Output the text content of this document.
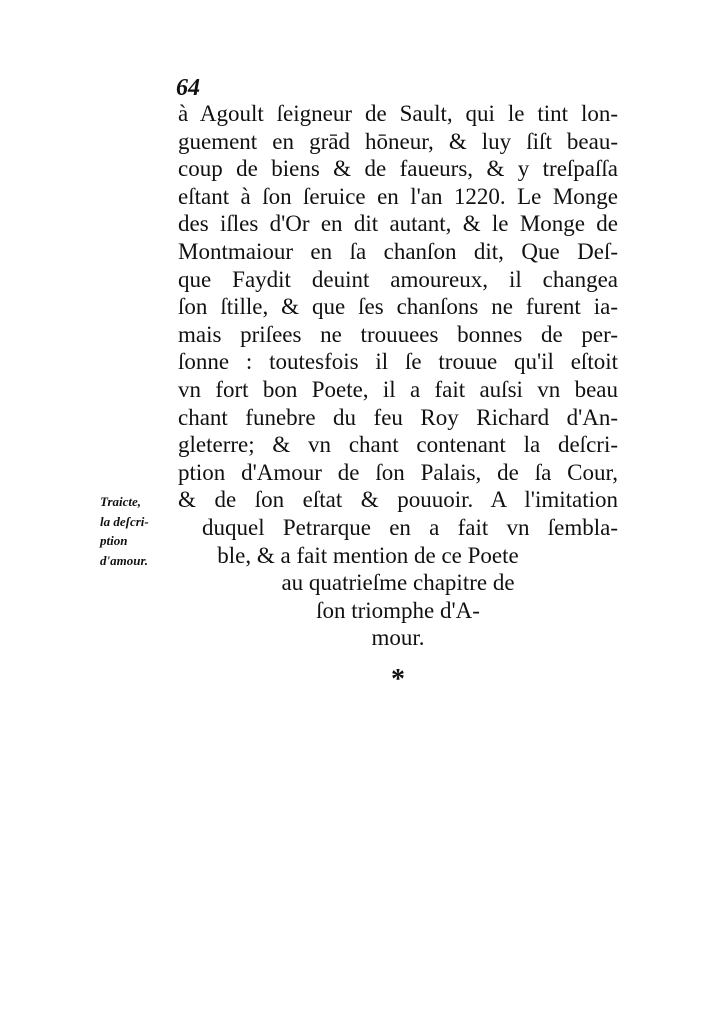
64
à Agoult ſeigneur de Sault, qui le tint lon-
guement en grād hōneur, & luy ſiſt beau-
coup de biens & de faueurs, & y treſpaſſa
eſtant à ſon ſeruice en l'an 1220. Le Monge
des iſles d'Or en dit autant, & le Monge de
Montmaiour en ſa chanſon dit, Que Deſ-
que Faydit deuint amoureux, il changea
ſon ſtille, & que ſes chanſons ne furent ia-
mais priſees ne trouuees bonnes de per-
ſonne : toutesfois il ſe trouue qu'il eſtoit
vn fort bon Poete, il a fait auſsi vn beau
chant funebre du feu Roy Richard d'An-
gleterre; & vn chant contenant la deſcri-
ption d'Amour de ſon Palais, de ſa Cour,
& de ſon eſtat & pouuoir. A l'imitation
duquel Petrarque en a fait vn ſembla-
ble, & a fait mention de ce Poete
au quatrieſme chapitre de
ſon triomphe d'A-
mour.
Traicte,
la deſcri-
ption
d'amour.
*
